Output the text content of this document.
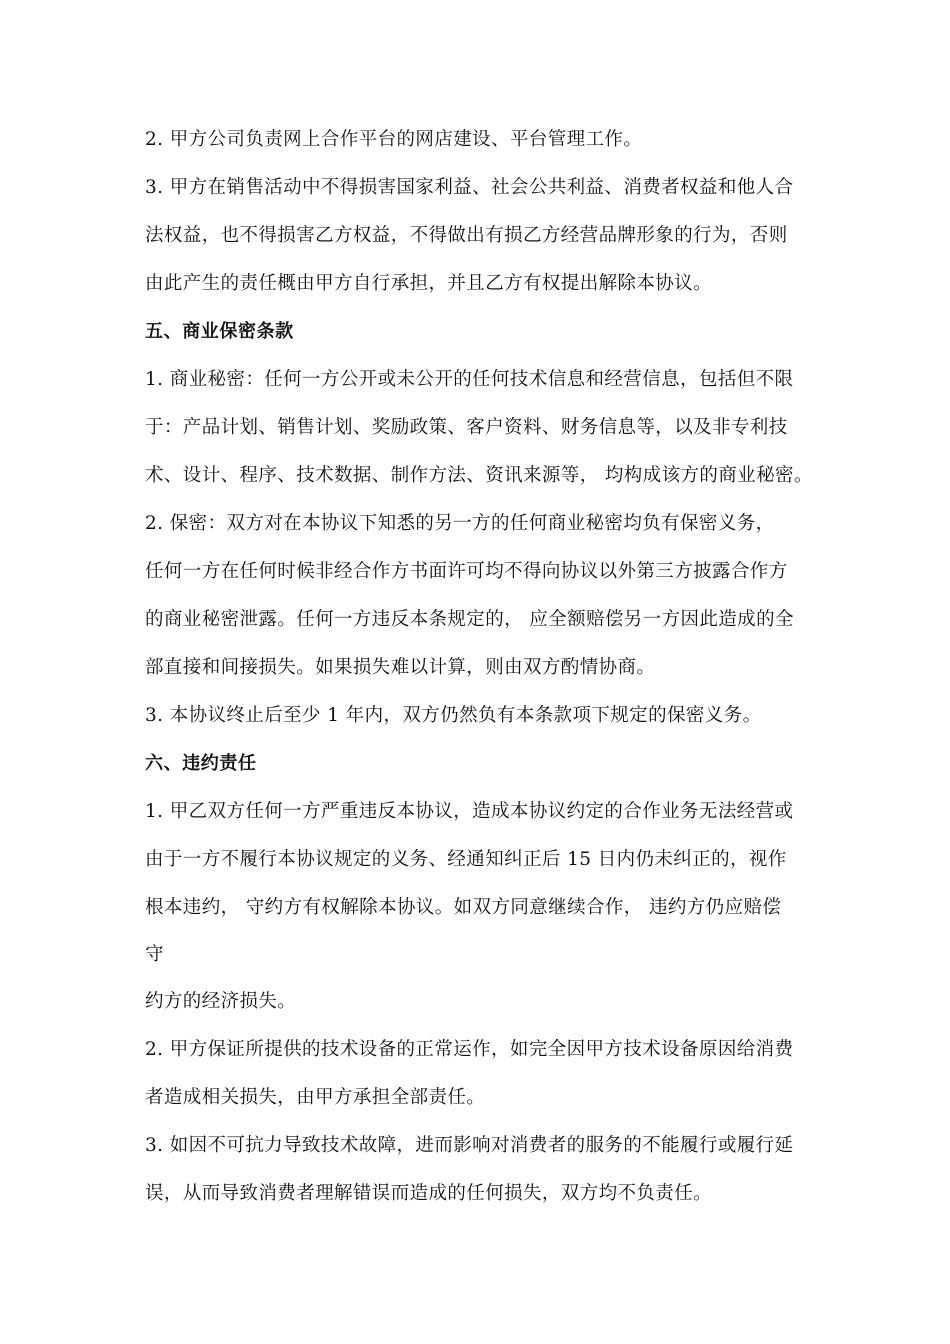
2. 甲方公司负责网上合作平台的网店建设、平台管理工作。
3. 甲方在销售活动中不得损害国家利益、社会公共利益、消费者权益和他人合
法权益，也不得损害乙方权益，不得做出有损乙方经营品牌形象的行为，否则
由此产生的责任概由甲方自行承担，并且乙方有权提出解除本协议。
五、商业保密条款
1. 商业秘密：任何一方公开或未公开的任何技术信息和经营信息，包括但不限
于：产品计划、销售计划、奖励政策、客户资料、财务信息等，以及非专利技
术、设计、程序、技术数据、制作方法、资讯来源等， 均构成该方的商业秘密。
2. 保密：双方对在本协议下知悉的另一方的任何商业秘密均负有保密义务，
任何一方在任何时候非经合作方书面许可均不得向协议以外第三方披露合作方
的商业秘密泄露。任何一方违反本条规定的， 应全额赔偿另一方因此造成的全
部直接和间接损失。如果损失难以计算，则由双方酌情协商。
3. 本协议终止后至少 1 年内，双方仍然负有本条款项下规定的保密义务。
六、违约责任
1. 甲乙双方任何一方严重违反本协议，造成本协议约定的合作业务无法经营或
由于一方不履行本协议规定的义务、经通知纠正后 15 日内仍未纠正的，视作
根本违约， 守约方有权解除本协议。如双方同意继续合作， 违约方仍应赔偿
守
约方的经济损失。
2. 甲方保证所提供的技术设备的正常运作，如完全因甲方技术设备原因给消费
者造成相关损失，由甲方承担全部责任。
3. 如因不可抗力导致技术故障，进而影响对消费者的服务的不能履行或履行延
误，从而导致消费者理解错误而造成的任何损失，双方均不负责任。
